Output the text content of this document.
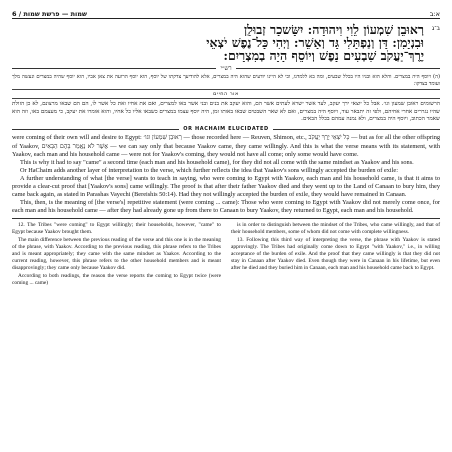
6 / שמות — פרשת שמות	א:ב
ב־ג
רְאוּבֵן שִׁמְעוֹן לֵוִי וִיהוּדָה: יִשָּׂשכָר זְבוּלֻן
וּבִנְיָמִן: דָּן וְנַפְתָּלִי גָּד וְאָשֵׁר: וַיְהִי כָּל־נֶפֶשׁ יֹצְאֵי
יֶרֶךְ־יַעֲקֹב שִׁבְעִים נָפֶשׁ וְיוֹסֵף הָיָה בְמִצְרָיִם:
רש״י
(ה) ויוסף היה במצרים. והלא הוא ובניו היו בכלל שבעים, ומה בא ללמדנו, וכי לא היינו יודעים שהוא היה במצרים, אלא להודיעך צדקתו של יוסף, הוא יוסף הרועה את צאן אביו, הוא יוסף שהיה במצרים ונעשה מלך ועומד בצדקו:
אור החיים
הרשומים ראובן שמעון וגו׳. אבל כל יוצאי ירך יעקב, לעד אשר ישרא לעתים אשר הם, והוא יעקב את בנים ובני אשר באו למצרים, ואם את אחיו ואת כל אשר לו, הם הם שבאו מרצונם, לא כן הזולת שהיו נגררים אחרי אחיהם, ולפי זה יתבאר עוד, ויוסף היה במצרים, ואם לא שאר השבטים שבאו באותו זמן, היה יוסף עצמו במצרים כשבאו אליו כל אחיו, והוא אומרו את יעקב, כי מעצמם באו, וזה הוא שאמר הכתוב, ויוסף היה במצרים, ולא נמנה עמהם בכלל הבאים.
OR HACHAIM ELUCIDATED

were coming of their own will and desire to Egypt: רְאוּבֵן שִׁמְעוֹן וגו׳ — those recorded here — Reuven, Shimon, etc., כָּל יֹצְאֵי יֶרֶךְ יַעֲקֹב — but as for all the other offspring of Yaakov, אֲשֶׁר לֹא נֶאֱמַר בָּהֶם הַבָּאִים — we can say only that because Yaakov came, they came willingly. And this is what the verse means with its statement, with Yaakov, each man and his household came — were not for Yaakov's coming, they would not have all come; only some would have come.

This is why it had to say "came" a second time (each man and his household came), for they did not all come with the same mindset as Yaakov and his sons.

Or HaChaim adds another layer of interpretation to the verse, which further reflects the idea that Yaakov's sons willingly accepted the burden of exile:

A further understanding of what [the verse] wants to teach in saying, who were coming to Egypt with Yaakov, each man and his household came, is that it aims to provide a clear-cut proof that [Yaakov's sons] came willingly. The proof is that after their father Yaakov died and they went up to the Land of Canaan to bury him, they came back again, as stated in Parashas Vayechi (Bereishis 50:14). Had they not willingly accepted the burden of exile, they would have remained in Canaan.

This, then, is the meaning of [the verse's] repetitive statement (were coming ... came): Those who were coming to Egypt with Yaakov did not merely come once, for each man and his household came — after they had already gone up from there to Canaan to bury Yaakov, they returned to Egypt, each man and his household.

12. The Tribes "were coming" to Egypt willingly; their households, however, "came" to Egypt because Yaakov brought them.

The main difference between the previous reading of the verse and this one is in the meaning of the phrase, with Yaakov. According to the previous reading, this phrase refers to the Tribes and is meant appropriately; they came with the same mindset as Yaakov. According to the current reading, however, this phrase refers to the other household members and is meant disapprovingly; they came only because Yaakov did.

According to both readings, the reason the verse reports the coming to Egypt twice (were coming ... came)

is in order to distinguish between the mindset of the Tribes, who came willingly, and that of their household members, some of whom did not come with complete willingness.

13. Following this third way of interpreting the verse, the phrase with Yaakov is stated approvingly. The Tribes had originally come down to Egypt "with Yaakov," i.e., in willing acceptance of the burden of exile. And the proof that they came willingly is that they did not stay in Canaan after Yaakov died. Even though they were in Canaan in his lifetime, but even after he died and they buried him in Canaan, each man and his household came back to Egypt.
